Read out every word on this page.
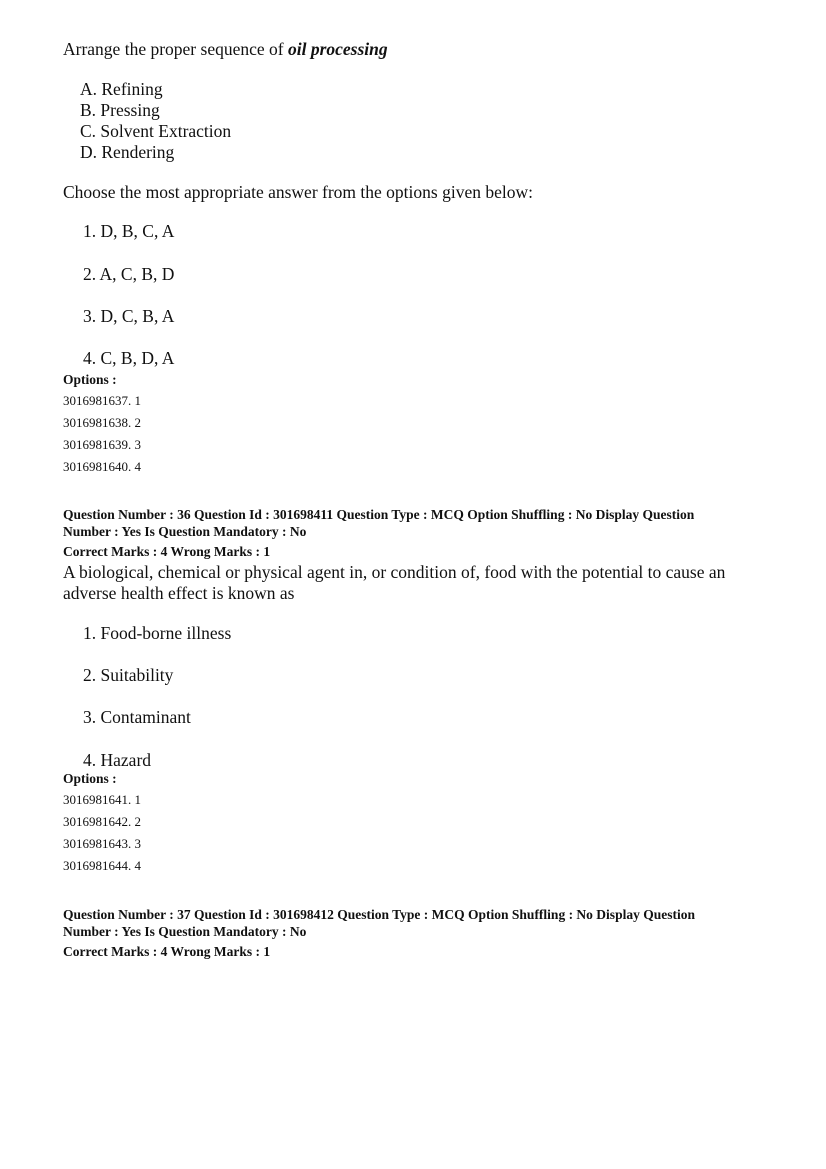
Arrange the proper sequence of oil processing
A. Refining
B. Pressing
C. Solvent Extraction
D. Rendering
Choose the most appropriate answer from the options given below:
1. D, B, C, A
2. A, C, B, D
3. D, C, B, A
4. C, B, D, A
Options :
3016981637. 1
3016981638. 2
3016981639. 3
3016981640. 4
Question Number : 36 Question Id : 301698411 Question Type : MCQ Option Shuffling : No Display Question
Number : Yes Is Question Mandatory : No
Correct Marks : 4 Wrong Marks : 1
A biological, chemical or physical agent in, or condition of, food with the potential to cause an adverse health effect is known as
1. Food-borne illness
2. Suitability
3. Contaminant
4. Hazard
Options :
3016981641. 1
3016981642. 2
3016981643. 3
3016981644. 4
Question Number : 37 Question Id : 301698412 Question Type : MCQ Option Shuffling : No Display Question
Number : Yes Is Question Mandatory : No
Correct Marks : 4 Wrong Marks : 1
